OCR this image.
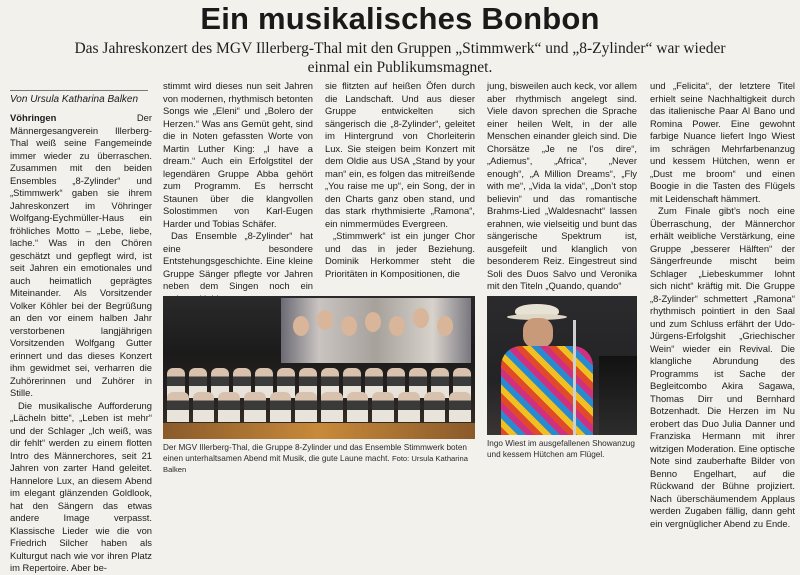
Ein musikalisches Bonbon
Das Jahreskonzert des MGV Illerberg-Thal mit den Gruppen „Stimmwerk“ und „8-Zylinder“ war wieder einmal ein Publikumsmagnet.
Von Ursula Katharina Balken

Vöhringen Der Männergesangverein Illerberg-Thal weiß seine Fangemeinde immer wieder zu überraschen. Zusammen mit den beiden Ensembles „8-Zylinder“ und „Stimmwerk“ gaben sie ihrem Jahreskonzert im Vöhringer Wolfgang-Eychmüller-Haus ein fröhliches Motto – „Lebe, liebe, lache.“ Was in den Chören geschätzt und gepflegt wird, ist seit Jahren ein emotionales und auch heimatlich geprägtes Miteinander. Als Vorsitzender Volker Köhler bei der Begrüßung an den vor einem halben Jahr verstorbenen langjährigen Vorsitzenden Wolfgang Gutter erinnert und das dieses Konzert ihm gewidmet sei, verharren die Zuhörerinnen und Zuhörer in Stille.

Die musikalische Aufforderung „Lächeln bitte“, „Leben ist mehr“ und der Schlager „Ich weiß, was dir fehlt“ werden zu einem flotten Intro des Männerchores, seit 21 Jahren von zarter Hand geleitet. Hannelore Lux, an diesem Abend im elegant glänzenden Goldlook, hat den Sängern das etwas andere Image verpasst. Klassische Lieder wie die von Friedrich Silcher haben als Kulturgut nach wie vor ihren Platz im Repertoire. Aber be-

stimmt wird dieses nun seit Jahren von modernen, rhythmisch betonten Songs wie „Eleni“ und „Bolero der Herzen.“ Was ans Gemüt geht, sind die in Noten gefassten Worte von Martin Luther King: „I have a dream.“ Auch ein Erfolgstitel der legendären Gruppe Abba gehört zum Programm. Es herrscht Staunen über die klangvollen Solostimmen von Karl-Eugen Harder und Tobias Schäfer.

Das Ensemble „8-Zylinder“ hat eine besondere Entstehungsgeschichte. Eine kleine Gruppe Sänger pflegte vor Jahren neben dem Singen noch ein

sie flitzten auf heißen Öfen durch die Landschaft. Und aus dieser Gruppe entwickelten sich sängerisch die „8-Zylinder“, geleitet im Hintergrund von Chorleiterin Lux. Sie steigen beim Konzert mit dem Oldie aus USA „Stand by your man“ ein, es folgen das mitreißende „You raise me up“, ein Song, der in den Charts ganz oben stand, und das stark rhythmisierte „Ramona“, ein nimmermüdes Evergreen.

„Stimmwerk“ ist ein junger Chor und das in jeder Beziehung. Dominik Herkommer steht die Prioritäten in Kompositionen, die

jung, bisweilen auch keck, vor allem aber rhythmisch angelegt sind. Viele davon sprechen die Sprache einer heilen Welt, in der alle Menschen einander gleich sind. Die Chorsätze „Je ne l’os dire“, „Adiemus“, „Africa“, „Never enough“, „A Million Dreams“, „Fly with me“, „Vida la vida“, „Don’t stop believin“ und das romantische Brahms-Lied „Waldesnacht“ lassen erahnen, wie vielseitig und bunt das sängerische Spektrum ist, ausgefeilt und klanglich von besonderem Reiz. Eingestreut sind Soli des Duos Salvo und Veronika mit den Titeln „Quando, quando“

und „Felicita“, der letztere Titel erhielt seine Nachhaltigkeit durch das italienische Paar Al Bano und Romina Power. Eine gewohnt farbige Nuance liefert Ingo Wiest im schrägen Mehrfarbenanzug und kessem Hütchen, wenn er „Dust me broom“ und einen Boogie in die Tasten des Flügels mit Leidenschaft hämmert.

Zum Finale gibt’s noch eine Überraschung, der Männerchor erhält weibliche Verstärkung, eine Gruppe „besserer Hälften“ der Sängerfreunde mischt beim Schlager „Liebeskummer lohnt sich nicht“ kräftig mit. Die Gruppe „8-Zylinder“ schmettert „Ramona“ rhythmisch pointiert in den Saal und zum Schluss erfährt der Udo-Jürgens-Erfolgshit „Griechischer Wein“ wieder ein Revival. Die klangliche Abrundung des Programms ist Sache der Begleitcombo Akira Sagawa, Thomas Dirr und Bernhard Botzenhadt. Die Herzen im Nu erobert das Duo Julia Danner und Franziska Hermann mit ihrer witzigen Moderation. Eine optische Note sind zauberhafte Bilder von Benno Engelhart, auf die Rückwand der Bühne projiziert. Nach überschäumendem Applaus werden Zugaben fällig, dann geht ein vergnüglicher Abend zu Ende.

Der MGV Illerberg-Thal, die Gruppe 8-Zylinder und das Ensemble Stimmwerk boten einen unterhaltsamen Abend mit Musik, die gute Laune macht. Foto: Ursula Katharina Balken
Ingo Wiest im ausgefallenen Showanzug und kessem Hütchen am Flügel.
